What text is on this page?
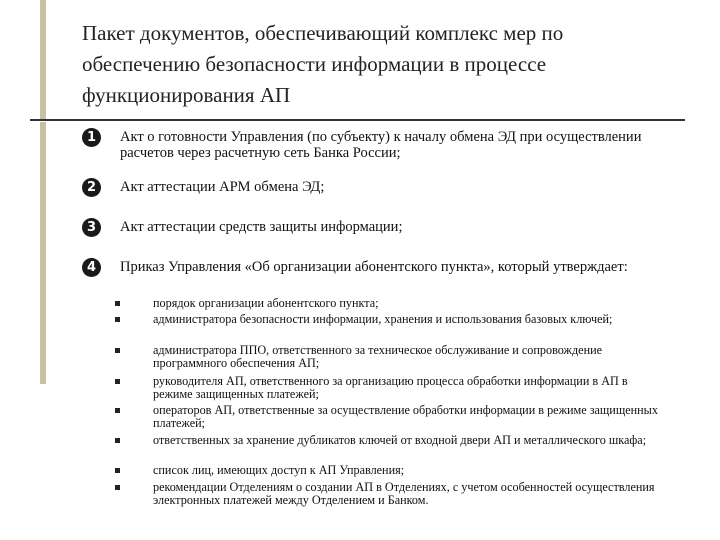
Пакет документов, обеспечивающий комплекс мер по обеспечению безопасности информации в процессе функционирования АП
1	Акт о готовности Управления (по субъекту) к началу обмена ЭД при осуществлении расчетов через расчетную сеть Банка России;
2	Акт аттестации АРМ обмена ЭД;
3	Акт аттестации средств защиты информации;
4	Приказ Управления «Об организации абонентского пункта», который утверждает:
порядок организации абонентского пункта;
администратора безопасности информации, хранения и использования базовых ключей;
администратора ППО, ответственного за техническое обслуживание и сопровождение программного обеспечения АП;
руководителя АП, ответственного за организацию процесса обработки информации в АП в режиме защищенных платежей;
операторов АП, ответственные за осуществление обработки информации в режиме защищенных платежей;
ответственных за хранение дубликатов ключей от входной двери АП и металлического шкафа;
список лиц, имеющих доступ к АП Управления;
рекомендации Отделениям о создании АП в Отделениях, с учетом особенностей осуществления электронных платежей между Отделением и Банком.
